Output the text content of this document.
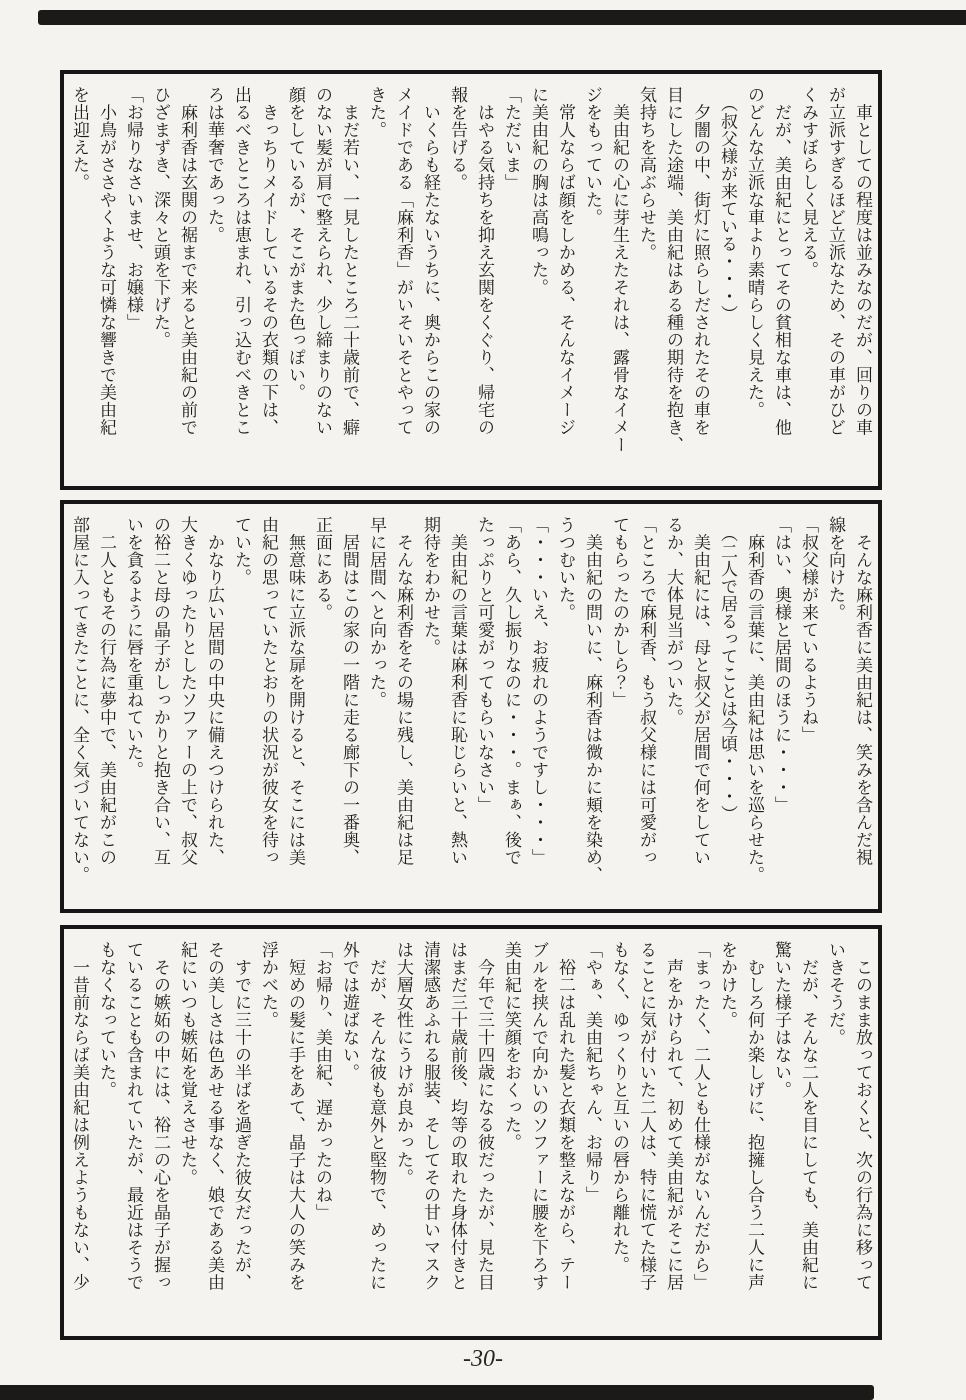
　車としての程度は並みなのだが、回りの車

が立派すぎるほど立派なため、その車がひど

くみすぼらしく見える。

　だが、美由紀にとってその貧相な車は、他

のどんな立派な車より素晴らしく見えた。

　（叔父様が来ている・・・）

　夕闇の中、街灯に照らしだされたその車を

目にした途端、美由紀はある種の期待を抱き、

気持ちを高ぶらせた。

　美由紀の心に芽生えたそれは、露骨なイメー

ジをもっていた。

　常人ならば顔をしかめる、そんなイメージ

に美由紀の胸は高鳴った。

「ただいま」

　はやる気持ちを抑え玄関をくぐり、帰宅の

報を告げる。

　いくらも経たないうちに、奥からこの家の

メイドである「麻利香」がいそいそとやって

きた。

　まだ若い、一見したところ二十歳前で、癖

のない髪が肩で整えられ、少し締まりのない

顔をしているが、そこがまた色っぽい。

　きっちりメイドしているその衣類の下は、

出るべきところは恵まれ、引っ込むべきとこ

ろは華奢であった。

　麻利香は玄関の裾まで来ると美由紀の前で

ひざまずき、深々と頭を下げた。

「お帰りなさいませ、お嬢様」

　小鳥がささやくような可憐な響きで美由紀

を出迎えた。

　そんな麻利香に美由紀は、笑みを含んだ視

線を向けた。

「叔父様が来ているようね」

「はい、奥様と居間のほうに・・・」

　麻利香の言葉に、美由紀は思いを巡らせた。

　（二人で居るってことは今頃・・・）

　美由紀には、母と叔父が居間で何をしてい

るか、大体見当がついた。

「ところで麻利香、もう叔父様には可愛がっ

てもらったのかしら？」

　美由紀の問いに、麻利香は微かに頬を染め、

うつむいた。

「・・・いえ、お疲れのようですし・・・」

「あら、久し振りなのに・・・。まぁ、後で

たっぷりと可愛がってもらいなさい」

　美由紀の言葉は麻利香に恥じらいと、熱い

期待をわかせた。

　そんな麻利香をその場に残し、美由紀は足

早に居間へと向かった。

　居間はこの家の一階に走る廊下の一番奥、

正面にある。

　無意味に立派な扉を開けると、そこには美

由紀の思っていたとおりの状況が彼女を待っ

ていた。

　かなり広い居間の中央に備えつけられた、

大きくゆったりとしたソファーの上で、叔父

の裕二と母の晶子がしっかりと抱き合い、互

いを貪るように唇を重ねていた。

　二人ともその行為に夢中で、美由紀がこの

部屋に入ってきたことに、全く気づいてない。

　このまま放っておくと、次の行為に移って

いきそうだ。

　だが、そんな二人を目にしても、美由紀に

驚いた様子はない。

　むしろ何か楽しげに、抱擁し合う二人に声

をかけた。

「まったく、二人とも仕様がないんだから」

　声をかけられて、初めて美由紀がそこに居

ることに気が付いた二人は、特に慌てた様子

もなく、ゆっくりと互いの唇から離れた。

「やぁ、美由紀ちゃん、お帰り」

　裕二は乱れた髪と衣類を整えながら、テー

ブルを挟んで向かいのソファーに腰を下ろす

美由紀に笑顔をおくった。

　今年で三十四歳になる彼だったが、見た目

はまだ三十歳前後、均等の取れた身体付きと

清潔感あふれる服装、そしてその甘いマスク

は大層女性にうけが良かった。

　だが、そんな彼も意外と堅物で、めったに

外では遊ばない。

「お帰り、美由紀、遅かったのね」

　短めの髪に手をあて、晶子は大人の笑みを

浮かべた。

　すでに三十の半ばを過ぎた彼女だったが、

その美しさは色あせる事なく、娘である美由

紀にいつも嫉妬を覚えさせた。

　その嫉妬の中には、裕二の心を晶子が握っ

ていることも含まれていたが、最近はそうで

もなくなっていた。

　一昔前ならば美由紀は例えようもない、少

-30-
